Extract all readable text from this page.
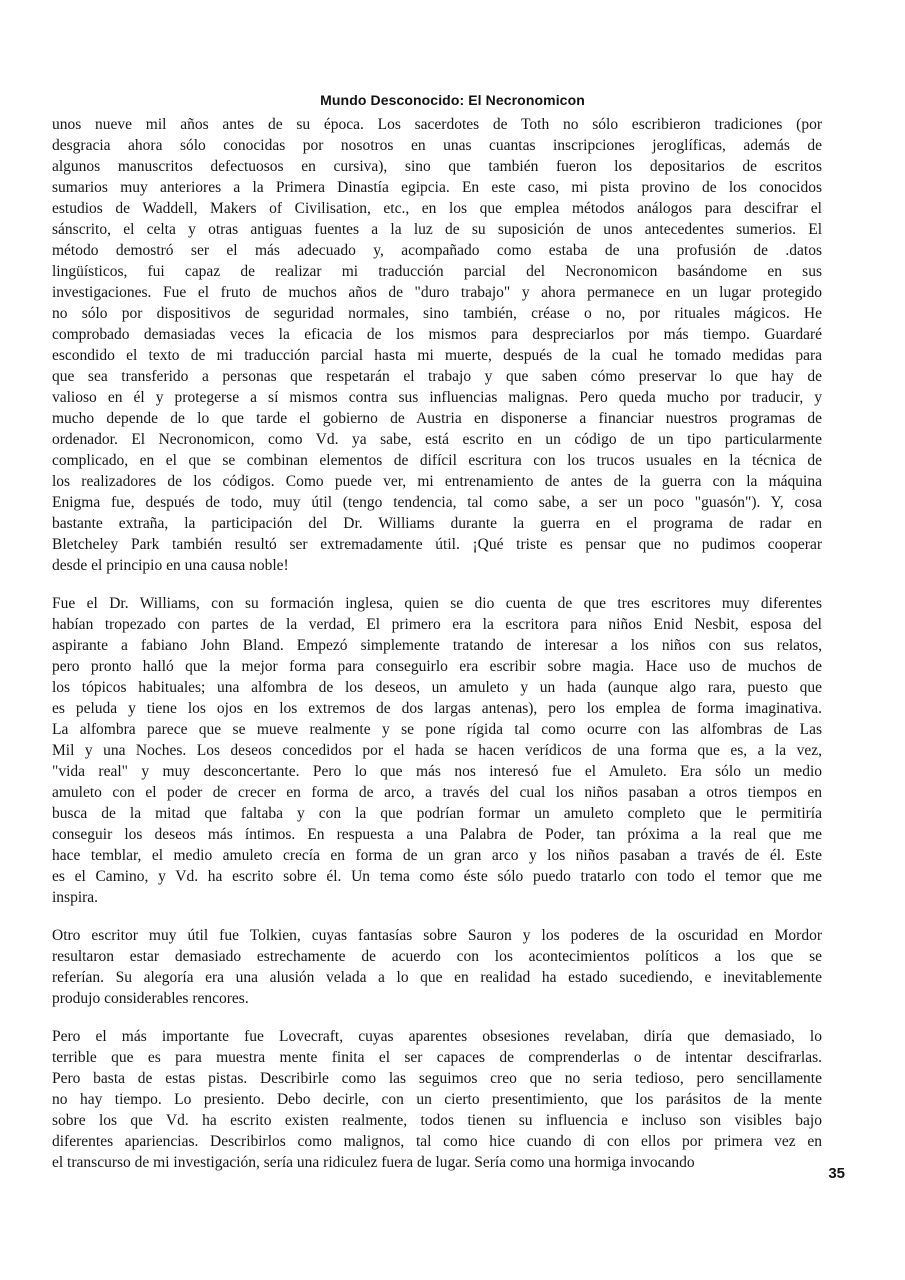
Mundo Desconocido: El Necronomicon

unos nueve mil años antes de su época. Los sacerdotes de Toth no sólo escribieron tradiciones (por
desgracia ahora sólo conocidas por nosotros en unas cuantas inscripciones jeroglíficas, además de
algunos manuscritos defectuosos en cursiva), sino que también fueron los depositarios de escritos
sumarios muy anteriores a la Primera Dinastía egipcia. En este caso, mi pista provino de los conocidos
estudios de Waddell, Makers of Civilisation, etc., en los que emplea métodos análogos para descifrar el
sánscrito, el celta y otras antiguas fuentes a la luz de su suposición de unos antecedentes sumerios. El
método demostró ser el más adecuado y, acompañado como estaba de una profusión de .datos
lingüísticos, fui capaz de realizar mi traducción parcial del Necronomicon basándome en sus
investigaciones. Fue el fruto de muchos años de "duro trabajo" y ahora permanece en un lugar protegido
no sólo por dispositivos de seguridad normales, sino también, créase o no, por rituales mágicos. He
comprobado demasiadas veces la eficacia de los mismos para despreciarlos por más tiempo. Guardaré
escondido el texto de mi traducción parcial hasta mi muerte, después de la cual he tomado medidas para
que sea transferido a personas que respetarán el trabajo y que saben cómo preservar lo que hay de
valioso en él y protegerse a sí mismos contra sus influencias malignas. Pero queda mucho por traducir, y
mucho depende de lo que tarde el gobierno de Austria en disponerse a financiar nuestros programas de
ordenador. El Necronomicon, como Vd. ya sabe, está escrito en un código de un tipo particularmente
complicado, en el que se combinan elementos de difícil escritura con los trucos usuales en la técnica de
los realizadores de los códigos. Como puede ver, mi entrenamiento de antes de la guerra con la máquina
Enigma fue, después de todo, muy útil (tengo tendencia, tal como sabe, a ser un poco "guasón"). Y, cosa
bastante extraña, la participación del Dr. Williams durante la guerra en el programa de radar en
Bletcheley Park también resultó ser extremadamente útil. ¡Qué triste es pensar que no pudimos cooperar
desde el principio en una causa noble!

Fue el Dr. Williams, con su formación inglesa, quien se dio cuenta de que tres escritores muy diferentes
habían tropezado con partes de la verdad, El primero era la escritora para niños Enid Nesbit, esposa del
aspirante a fabiano John Bland. Empezó simplemente tratando de interesar a los niños con sus relatos,
pero pronto halló que la mejor forma para conseguirlo era escribir sobre magia. Hace uso de muchos de
los tópicos habituales; una alfombra de los deseos, un amuleto y un hada (aunque algo rara, puesto que
es peluda y tiene los ojos en los extremos de dos largas antenas), pero los emplea de forma imaginativa.
La alfombra parece que se mueve realmente y se pone rígida tal como ocurre con las alfombras de Las
Mil y una Noches. Los deseos concedidos por el hada se hacen verídicos de una forma que es, a la vez,
"vida real" y muy desconcertante. Pero lo que más nos interesó fue el Amuleto. Era sólo un medio
amuleto con el poder de crecer en forma de arco, a través del cual los niños pasaban a otros tiempos en
busca de la mitad que faltaba y con la que podrían formar un amuleto completo que le permitiría
conseguir los deseos más íntimos. En respuesta a una Palabra de Poder, tan próxima a la real que me
hace temblar, el medio amuleto crecía en forma de un gran arco y los niños pasaban a través de él. Este
es el Camino, y Vd. ha escrito sobre él. Un tema como éste sólo puedo tratarlo con todo el temor que me
inspira.

Otro escritor muy útil fue Tolkien, cuyas fantasías sobre Sauron y los poderes de la oscuridad en Mordor
resultaron estar demasiado estrechamente de acuerdo con los acontecimientos políticos a los que se
referían. Su alegoría era una alusión velada a lo que en realidad ha estado sucediendo, e inevitablemente
produjo considerables rencores.

Pero el más importante fue Lovecraft, cuyas aparentes obsesiones revelaban, diría que demasiado, lo
terrible que es para muestra mente finita el ser capaces de comprenderlas o de intentar descifrarlas.
Pero basta de estas pistas. Describirle como las seguimos creo que no seria tedioso, pero sencillamente
no hay tiempo. Lo presiento. Debo decirle, con un cierto presentimiento, que los parásitos de la mente
sobre los que Vd. ha escrito existen realmente, todos tienen su influencia e incluso son visibles bajo
diferentes apariencias. Describirlos como malignos, tal como hice cuando di con ellos por primera vez en
el transcurso de mi investigación, sería una ridiculez fuera de lugar. Sería como una hormiga invocando

35
